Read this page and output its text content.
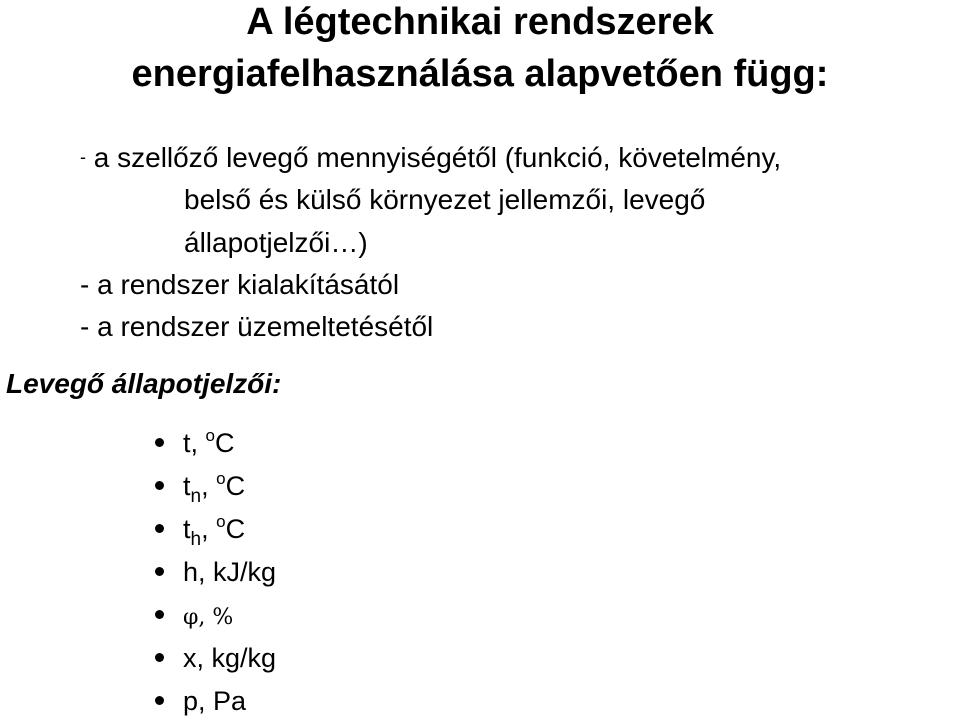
A légtechnikai rendszerek
energiafelhasználása alapvetően függ:
- a szellőző levegő mennyiségétől (funkció, követelmény,
belső és külső környezet jellemzői, levegő
állapotjelzői…)
- a rendszer kialakításától
- a rendszer üzemeltetésétől
Levegő állapotjelzői:
t, $^o$C
$t_n$, $^o$C
$t_h$, $^o$C
h, kJ/kg
φ, %
x, kg/kg
p, Pa
